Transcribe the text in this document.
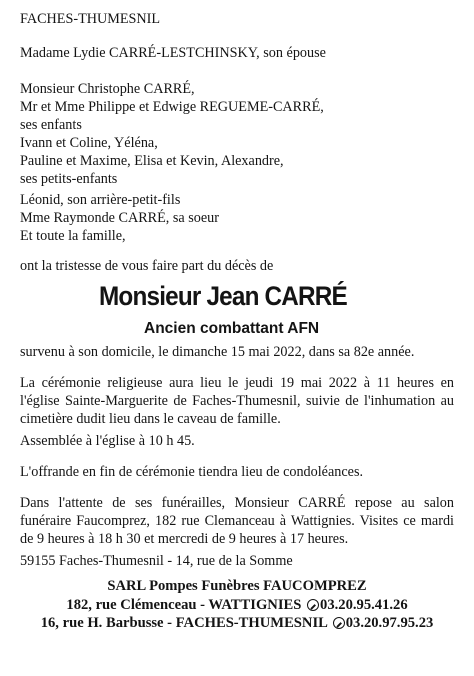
FACHES-THUMESNIL
Madame Lydie CARRÉ-LESTCHINSKY, son épouse
Monsieur Christophe CARRÉ,
Mr et Mme Philippe et Edwige REGUEME-CARRÉ,
ses enfants
Ivann et Coline, Yéléna,
Pauline et Maxime, Elisa et Kevin, Alexandre,
ses petits-enfants
Léonid, son arrière-petit-fils
Mme Raymonde CARRÉ, sa soeur
Et toute la famille,
ont la tristesse de vous faire part du décès de
Monsieur Jean CARRÉ
Ancien combattant AFN
survenu à son domicile, le dimanche 15 mai 2022, dans sa 82e année.
La cérémonie religieuse aura lieu le jeudi 19 mai 2022 à 11 heures en l'église Sainte-Marguerite de Faches-Thumesnil, suivie de l'inhumation au cimetière dudit lieu dans le caveau de famille.
Assemblée à l'église à 10 h 45.
L'offrande en fin de cérémonie tiendra lieu de condoléances.
Dans l'attente de ses funérailles, Monsieur CARRÉ repose au salon funéraire Faucomprez, 182 rue Clemanceau à Wattignies. Visites ce mardi de 9 heures à 18 h 30 et mercredi de 9 heures à 17 heures.
59155 Faches-Thumesnil - 14, rue de la Somme
SARL Pompes Funèbres FAUCOMPREZ
182, rue Clémenceau - WATTIGNIES 03.20.95.41.26
16, rue H. Barbusse - FACHES-THUMESNIL 03.20.97.95.23
